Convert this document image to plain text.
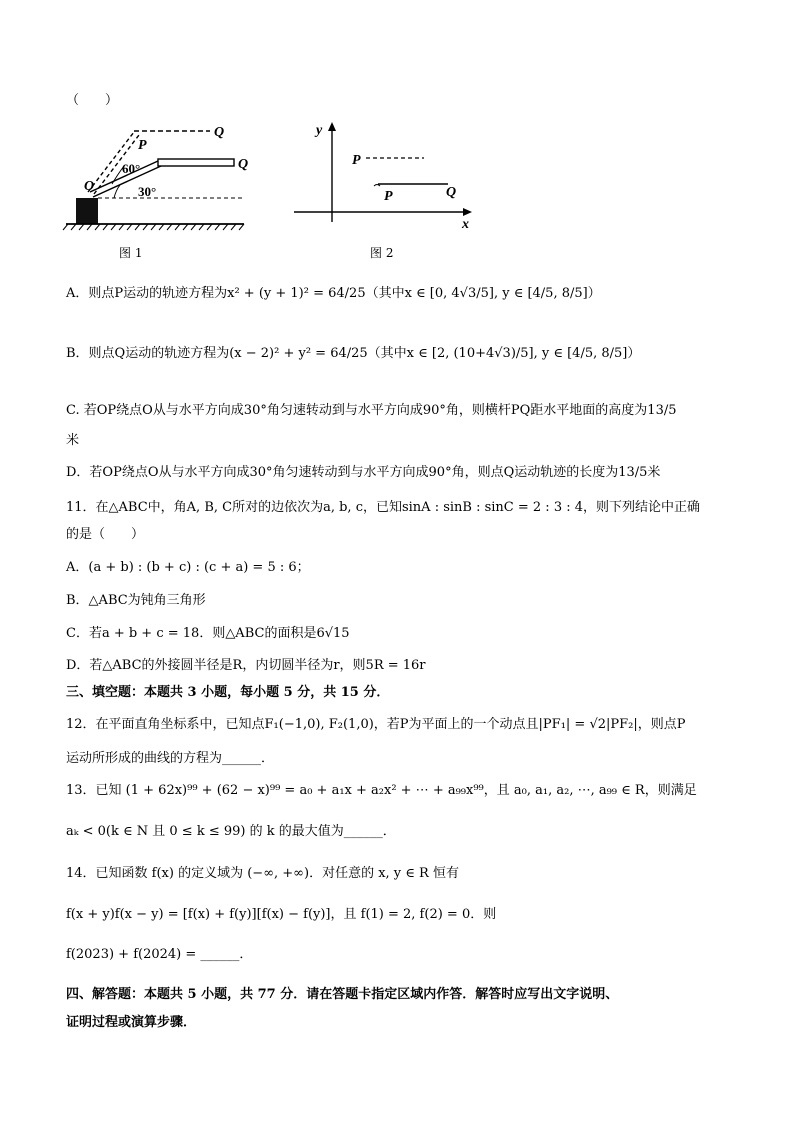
（　　）
Q
P
Q
O
60°
30°
图 1
y
x
P
P	Q
图 2
A．则点P运动的轨迹方程为x² + (y + 1)² = 64/25（其中x ∈ [0, 4√3/5], y ∈ [4/5, 8/5]）
B．则点Q运动的轨迹方程为(x − 2)² + y² = 64/25（其中x ∈ [2, (10+4√3)/5], y ∈ [4/5, 8/5]）
C. 若OP绕点O从与水平方向成30°角匀速转动到与水平方向成90°角，则横杆PQ距水平地面的高度为13/5
米
D．若OP绕点O从与水平方向成30°角匀速转动到与水平方向成90°角，则点Q运动轨迹的长度为13/5米
11．在△ABC中，角A, B, C所对的边依次为a, b, c，已知sinA : sinB : sinC = 2 : 3 : 4，则下列结论中正确
的是（　　）
A．(a + b) : (b + c) : (c + a) = 5 : 6；
B．△ABC为钝角三角形
C．若a + b + c = 18．则△ABC的面积是6√15
D．若△ABC的外接圆半径是R，内切圆半径为r，则5R = 16r
三、填空题：本题共 3 小题，每小题 5 分，共 15 分．
12．在平面直角坐标系中，已知点F₁(−1,0), F₂(1,0)，若P为平面上的一个动点且|PF₁| = √2|PF₂|，则点P
运动所形成的曲线的方程为______．
13．已知 (1 + 62x)⁹⁹ + (62 − x)⁹⁹ = a₀ + a₁x + a₂x² + ⋯ + a₉₉x⁹⁹，且 a₀, a₁, a₂, ⋯, a₉₉ ∈ R，则满足
aₖ < 0(k ∈ N 且 0 ≤ k ≤ 99) 的 k 的最大值为______．
14．已知函数 f(x) 的定义域为 (−∞, +∞)．对任意的 x, y ∈ R 恒有
f(x + y)f(x − y) = [f(x) + f(y)][f(x) − f(y)]，且 f(1) = 2, f(2) = 0．则
f(2023) + f(2024) = ______．
四、解答题：本题共 5 小题，共 77 分．请在答题卡指定区域内作答．解答时应写出文字说明、
证明过程或演算步骤．
